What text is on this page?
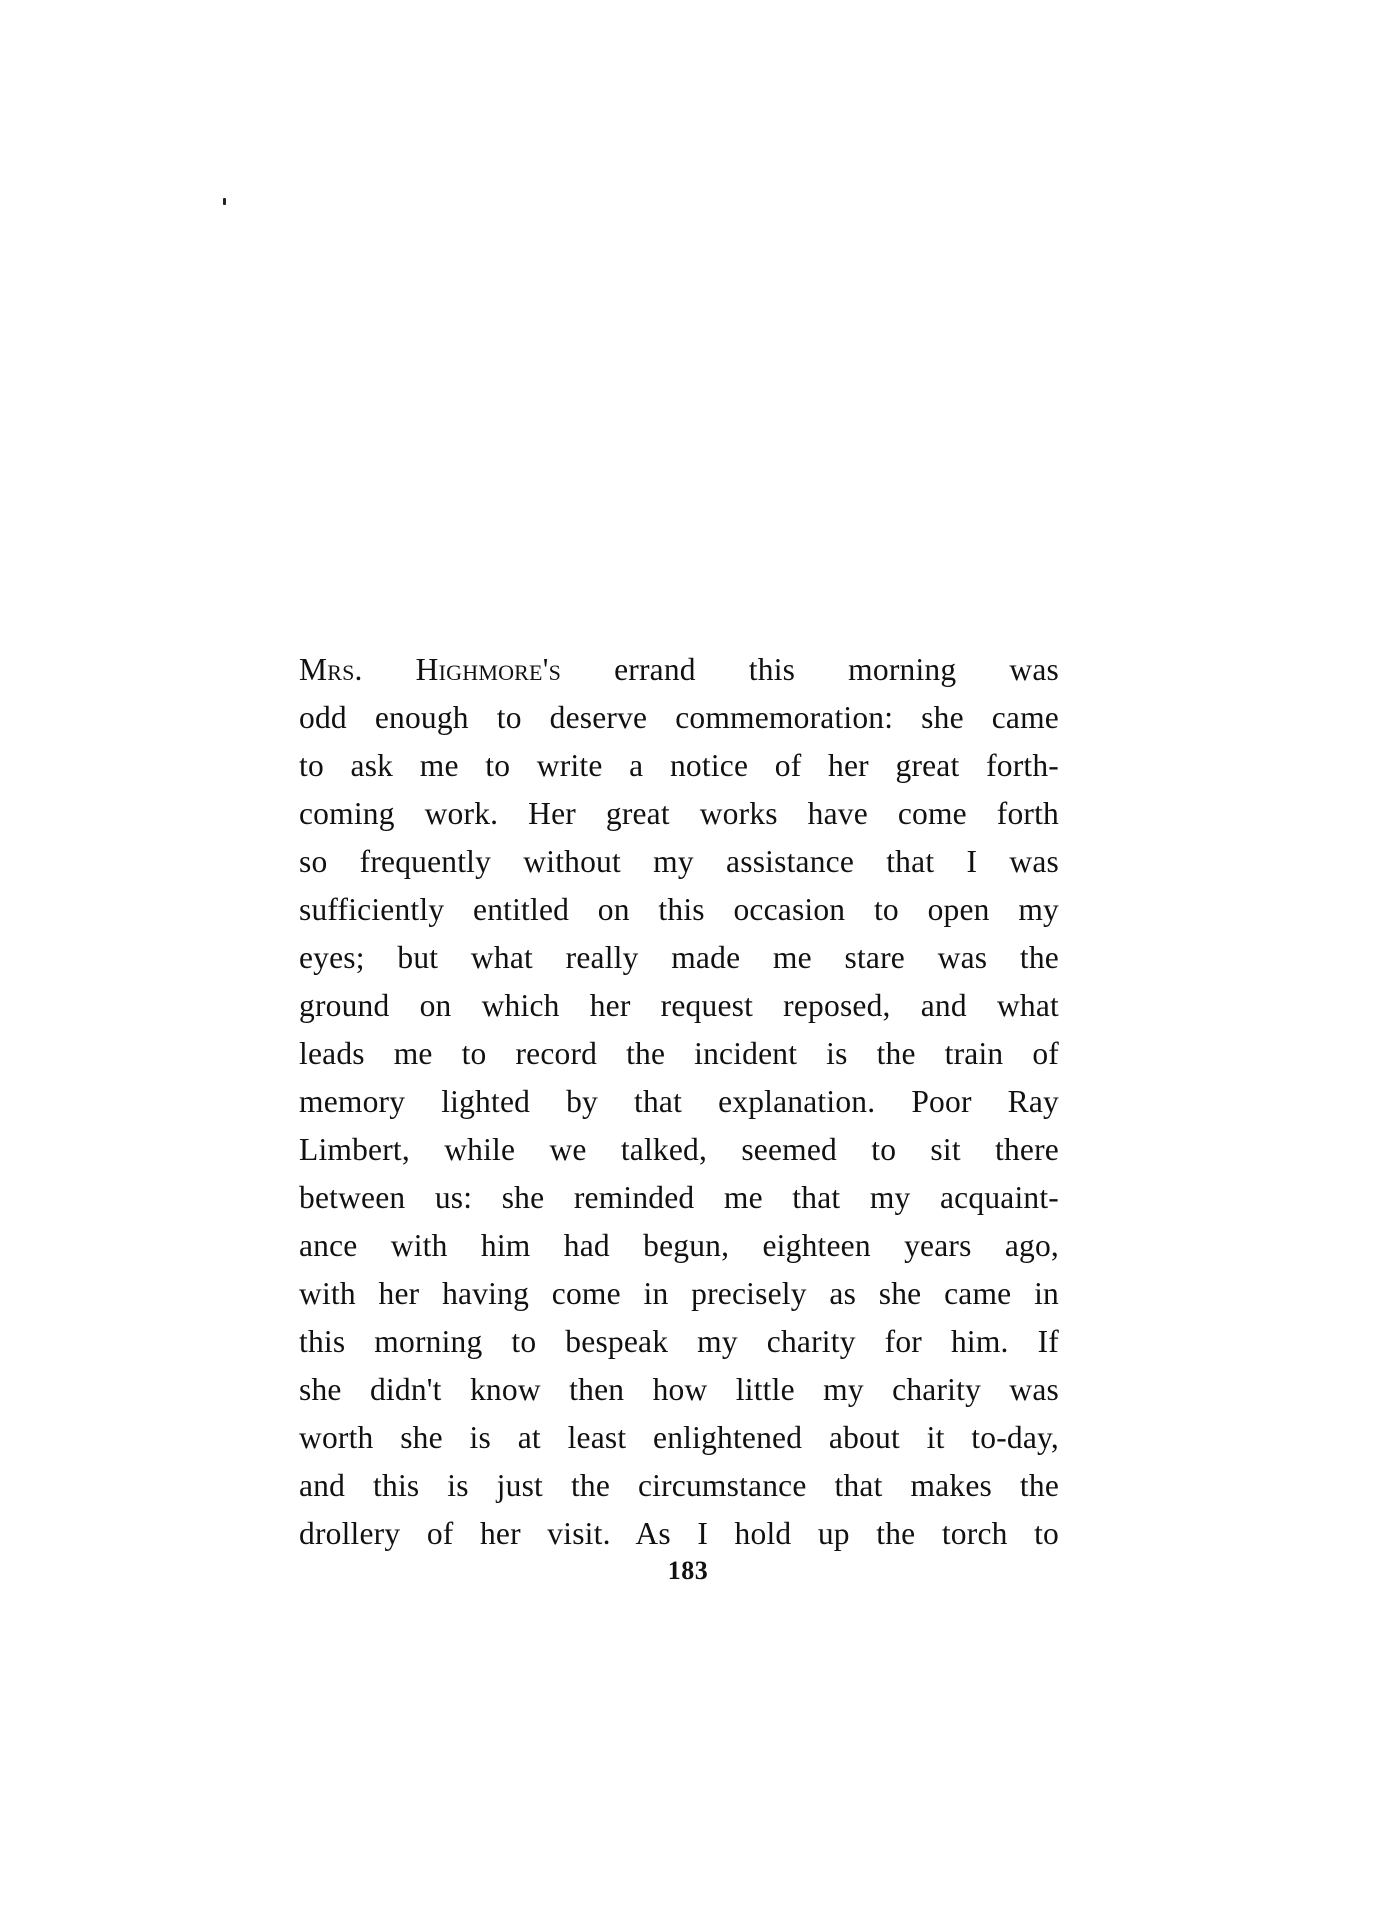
Mrs. Highmore's errand this morning was
odd enough to deserve commemoration: she came
to ask me to write a notice of her great forth-
coming work. Her great works have come forth
so frequently without my assistance that I was
sufficiently entitled on this occasion to open my
eyes; but what really made me stare was the
ground on which her request reposed, and what
leads me to record the incident is the train of
memory lighted by that explanation. Poor Ray
Limbert, while we talked, seemed to sit there
between us: she reminded me that my acquaint-
ance with him had begun, eighteen years ago,
with her having come in precisely as she came in
this morning to bespeak my charity for him. If
she didn't know then how little my charity was
worth she is at least enlightened about it to-day,
and this is just the circumstance that makes the
drollery of her visit. As I hold up the torch to
183
